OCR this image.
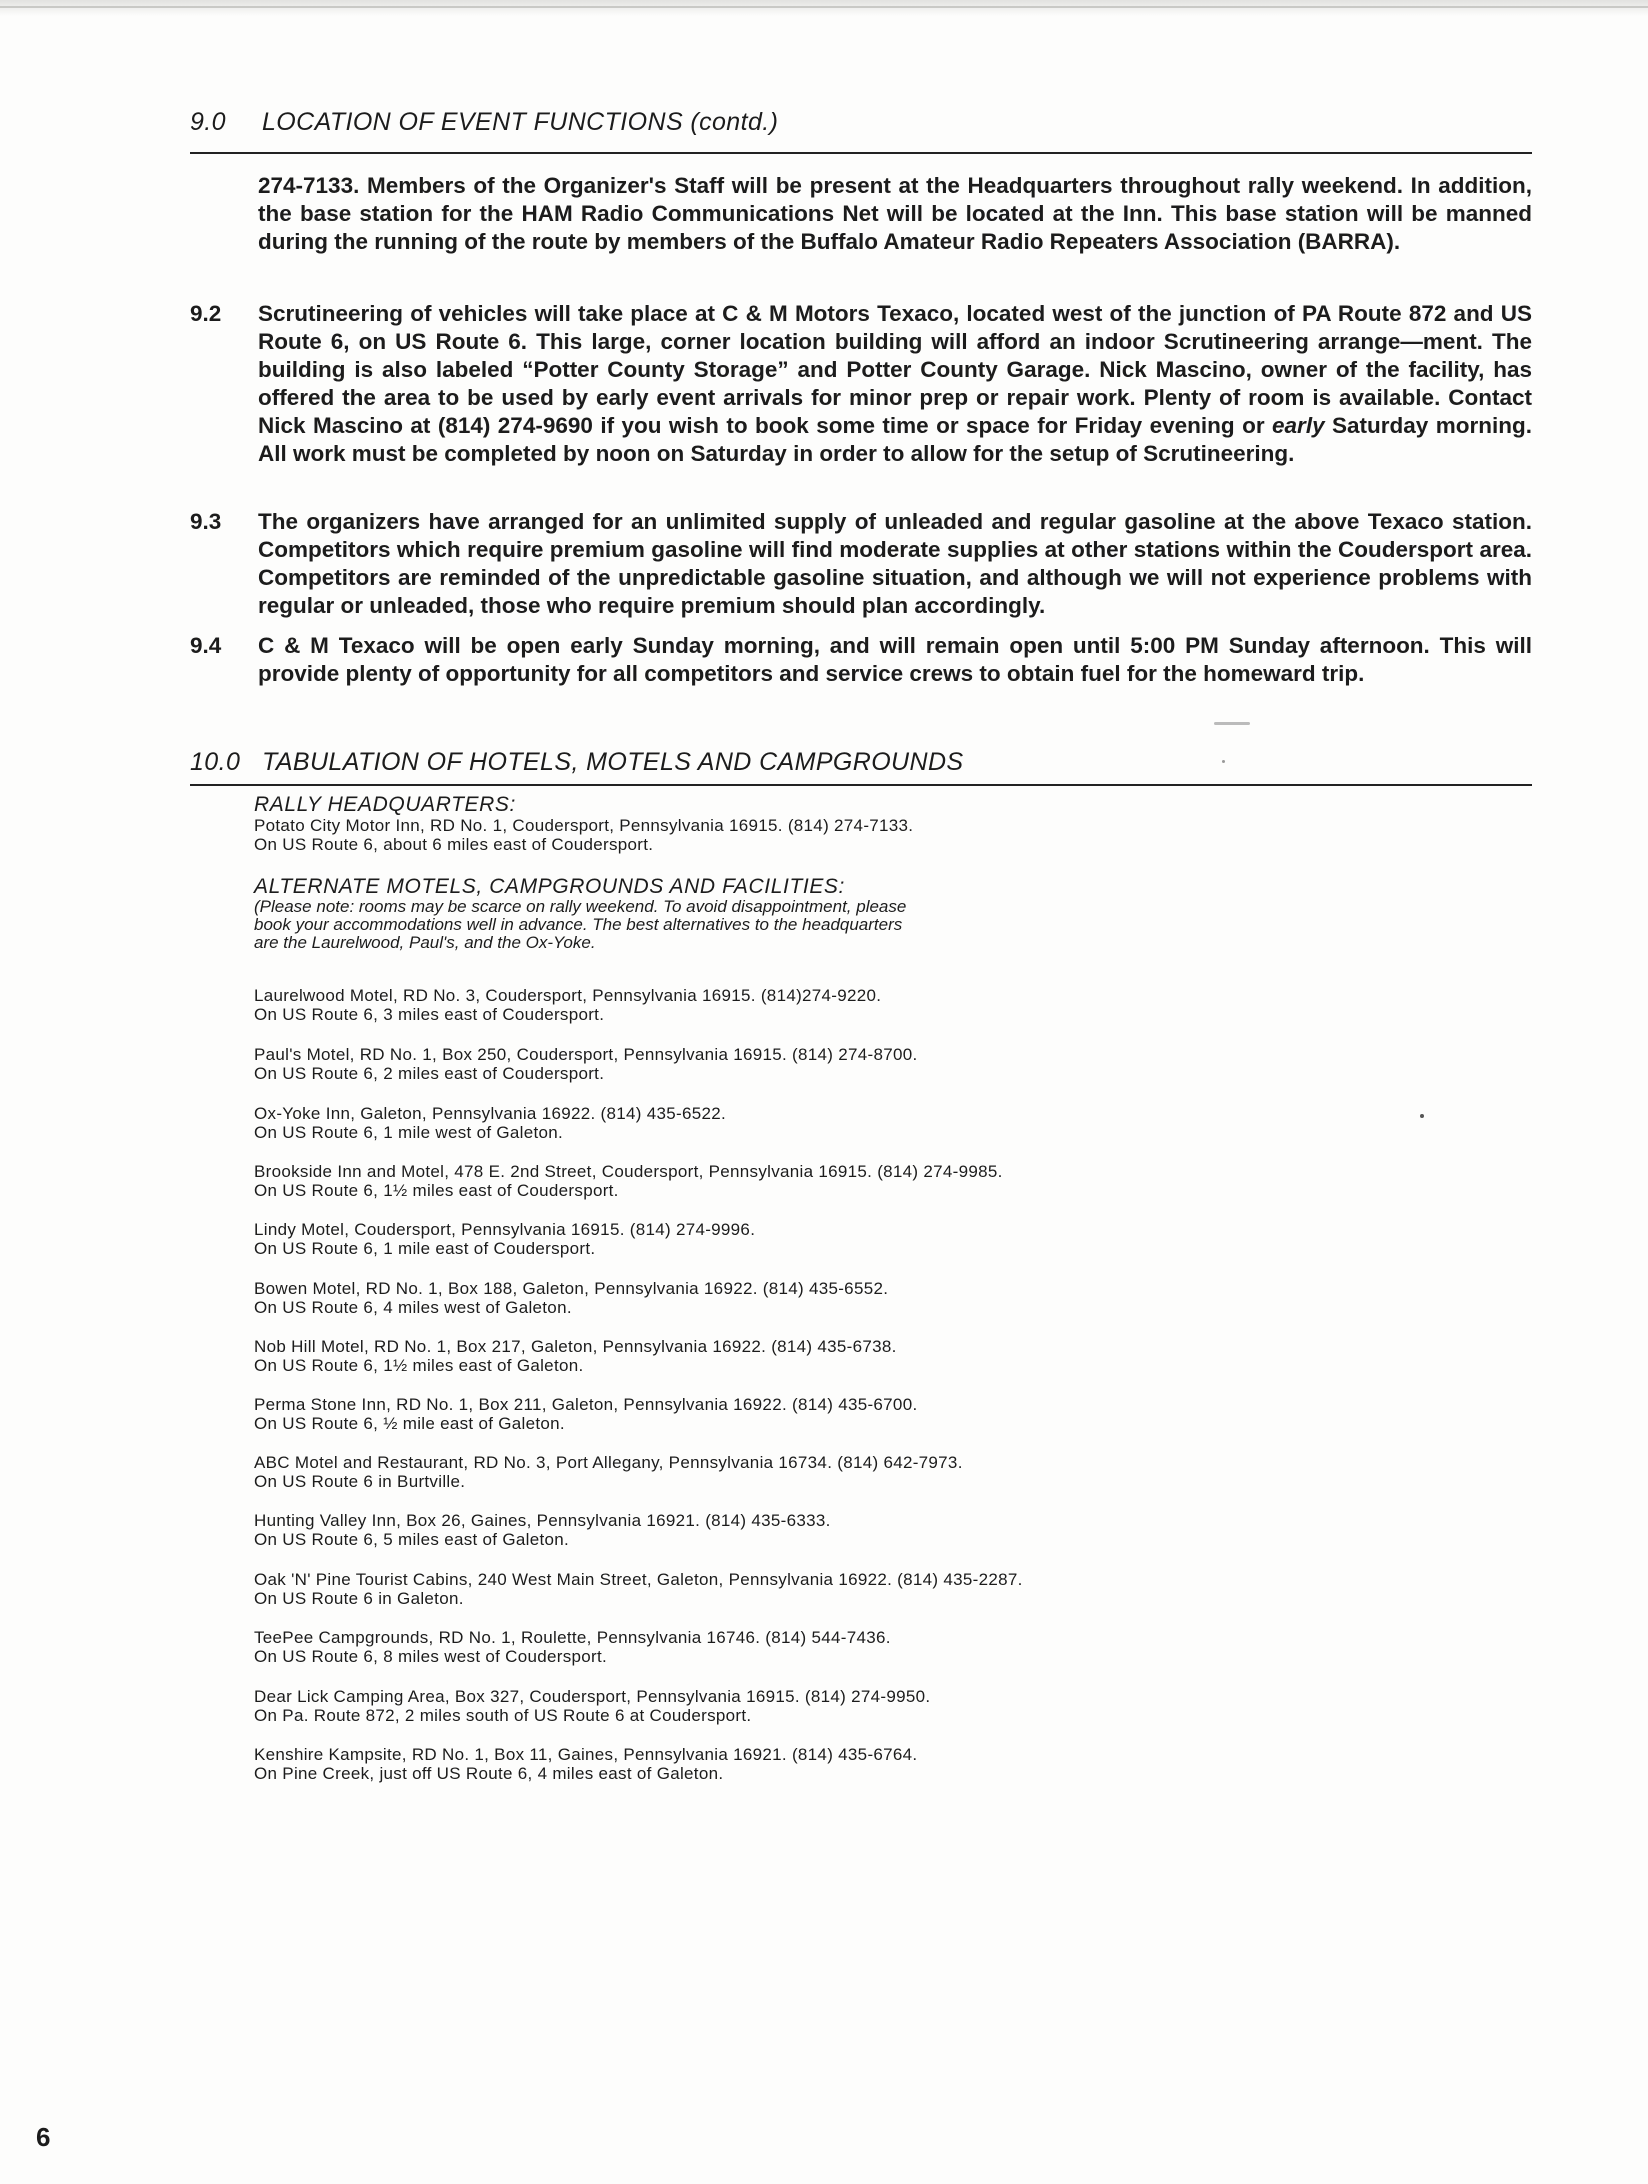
9.0 LOCATION OF EVENT FUNCTIONS (contd.)
274-7133. Members of the Organizer's Staff will be present at the Headquarters throughout rally weekend. In addition, the base station for the HAM Radio Communications Net will be located at the Inn. This base station will be manned during the running of the route by members of the Buffalo Amateur Radio Repeaters Association (BARRA).
9.2	Scrutineering of vehicles will take place at C & M Motors Texaco, located west of the junction of PA Route 872 and US Route 6, on US Route 6. This large, corner location building will afford an indoor Scrutineering arrange—ment. The building is also labeled “Potter County Storage” and Potter County Garage. Nick Mascino, owner of the facility, has offered the area to be used by early event arrivals for minor prep or repair work. Plenty of room is available. Contact Nick Mascino at (814) 274-9690 if you wish to book some time or space for Friday evening or early Saturday morning. All work must be completed by noon on Saturday in order to allow for the setup of Scrutineering.
9.3	The organizers have arranged for an unlimited supply of unleaded and regular gasoline at the above Texaco station. Competitors which require premium gasoline will find moderate supplies at other stations within the Coudersport area. Competitors are reminded of the unpredictable gasoline situation, and although we will not experience problems with regular or unleaded, those who require premium should plan accordingly.
9.4	C & M Texaco will be open early Sunday morning, and will remain open until 5:00 PM Sunday afternoon. This will provide plenty of opportunity for all competitors and service crews to obtain fuel for the homeward trip.
10.0 TABULATION OF HOTELS, MOTELS AND CAMPGROUNDS
RALLY HEADQUARTERS:
Potato City Motor Inn, RD No. 1, Coudersport, Pennsylvania 16915. (814) 274-7133.
On US Route 6, about 6 miles east of Coudersport.
ALTERNATE MOTELS, CAMPGROUNDS AND FACILITIES:
(Please note: rooms may be scarce on rally weekend. To avoid disappointment, please
book your accommodations well in advance. The best alternatives to the headquarters
are the Laurelwood, Paul's, and the Ox-Yoke.
Laurelwood Motel, RD No. 3, Coudersport, Pennsylvania 16915. (814)274-9220.
On US Route 6, 3 miles east of Coudersport.
Paul's Motel, RD No. 1, Box 250, Coudersport, Pennsylvania 16915. (814) 274-8700.
On US Route 6, 2 miles east of Coudersport.
Ox-Yoke Inn, Galeton, Pennsylvania 16922. (814) 435-6522.
On US Route 6, 1 mile west of Galeton.
Brookside Inn and Motel, 478 E. 2nd Street, Coudersport, Pennsylvania 16915. (814) 274-9985.
On US Route 6, 1½ miles east of Coudersport.
Lindy Motel, Coudersport, Pennsylvania 16915. (814) 274-9996.
On US Route 6, 1 mile east of Coudersport.
Bowen Motel, RD No. 1, Box 188, Galeton, Pennsylvania 16922. (814) 435-6552.
On US Route 6, 4 miles west of Galeton.
Nob Hill Motel, RD No. 1, Box 217, Galeton, Pennsylvania 16922. (814) 435-6738.
On US Route 6, 1½ miles east of Galeton.
Perma Stone Inn, RD No. 1, Box 211, Galeton, Pennsylvania 16922. (814) 435-6700.
On US Route 6, ½ mile east of Galeton.
ABC Motel and Restaurant, RD No. 3, Port Allegany, Pennsylvania 16734. (814) 642-7973.
On US Route 6 in Burtville.
Hunting Valley Inn, Box 26, Gaines, Pennsylvania 16921. (814) 435-6333.
On US Route 6, 5 miles east of Galeton.
Oak 'N' Pine Tourist Cabins, 240 West Main Street, Galeton, Pennsylvania 16922. (814) 435-2287.
On US Route 6 in Galeton.
TeePee Campgrounds, RD No. 1, Roulette, Pennsylvania 16746. (814) 544-7436.
On US Route 6, 8 miles west of Coudersport.
Dear Lick Camping Area, Box 327, Coudersport, Pennsylvania 16915. (814) 274-9950.
On Pa. Route 872, 2 miles south of US Route 6 at Coudersport.
Kenshire Kampsite, RD No. 1, Box 11, Gaines, Pennsylvania 16921. (814) 435-6764.
On Pine Creek, just off US Route 6, 4 miles east of Galeton.
6
